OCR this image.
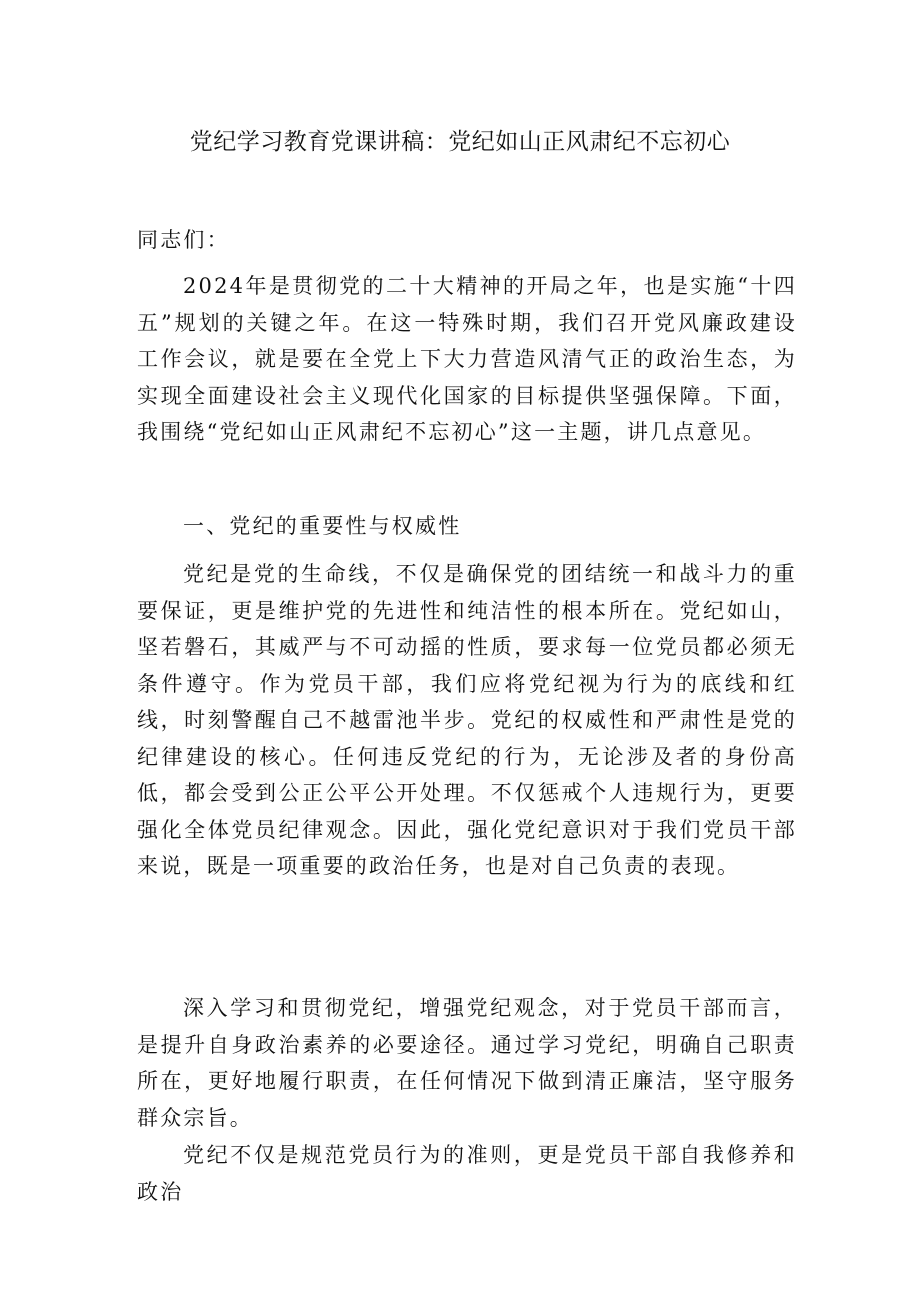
党纪学习教育党课讲稿：党纪如山正风肃纪不忘初心
同志们：
2024年是贯彻党的二十大精神的开局之年，也是实施“十四五”规划的关键之年。在这一特殊时期，我们召开党风廉政建设工作会议，就是要在全党上下大力营造风清气正的政治生态，为实现全面建设社会主义现代化国家的目标提供坚强保障。下面，我围绕“党纪如山正风肃纪不忘初心”这一主题，讲几点意见。
一、党纪的重要性与权威性
党纪是党的生命线，不仅是确保党的团结统一和战斗力的重要保证，更是维护党的先进性和纯洁性的根本所在。党纪如山，坚若磐石，其威严与不可动摇的性质，要求每一位党员都必须无条件遵守。作为党员干部，我们应将党纪视为行为的底线和红线，时刻警醒自己不越雷池半步。党纪的权威性和严肃性是党的纪律建设的核心。任何违反党纪的行为，无论涉及者的身份高低，都会受到公正公平公开处理。不仅惩戒个人违规行为，更要强化全体党员纪律观念。因此，强化党纪意识对于我们党员干部来说，既是一项重要的政治任务，也是对自己负责的表现。
深入学习和贯彻党纪，增强党纪观念，对于党员干部而言，是提升自身政治素养的必要途径。通过学习党纪，明确自己职责所在，更好地履行职责，在任何情况下做到清正廉洁，坚守服务群众宗旨。
党纪不仅是规范党员行为的准则，更是党员干部自我修养和政治
